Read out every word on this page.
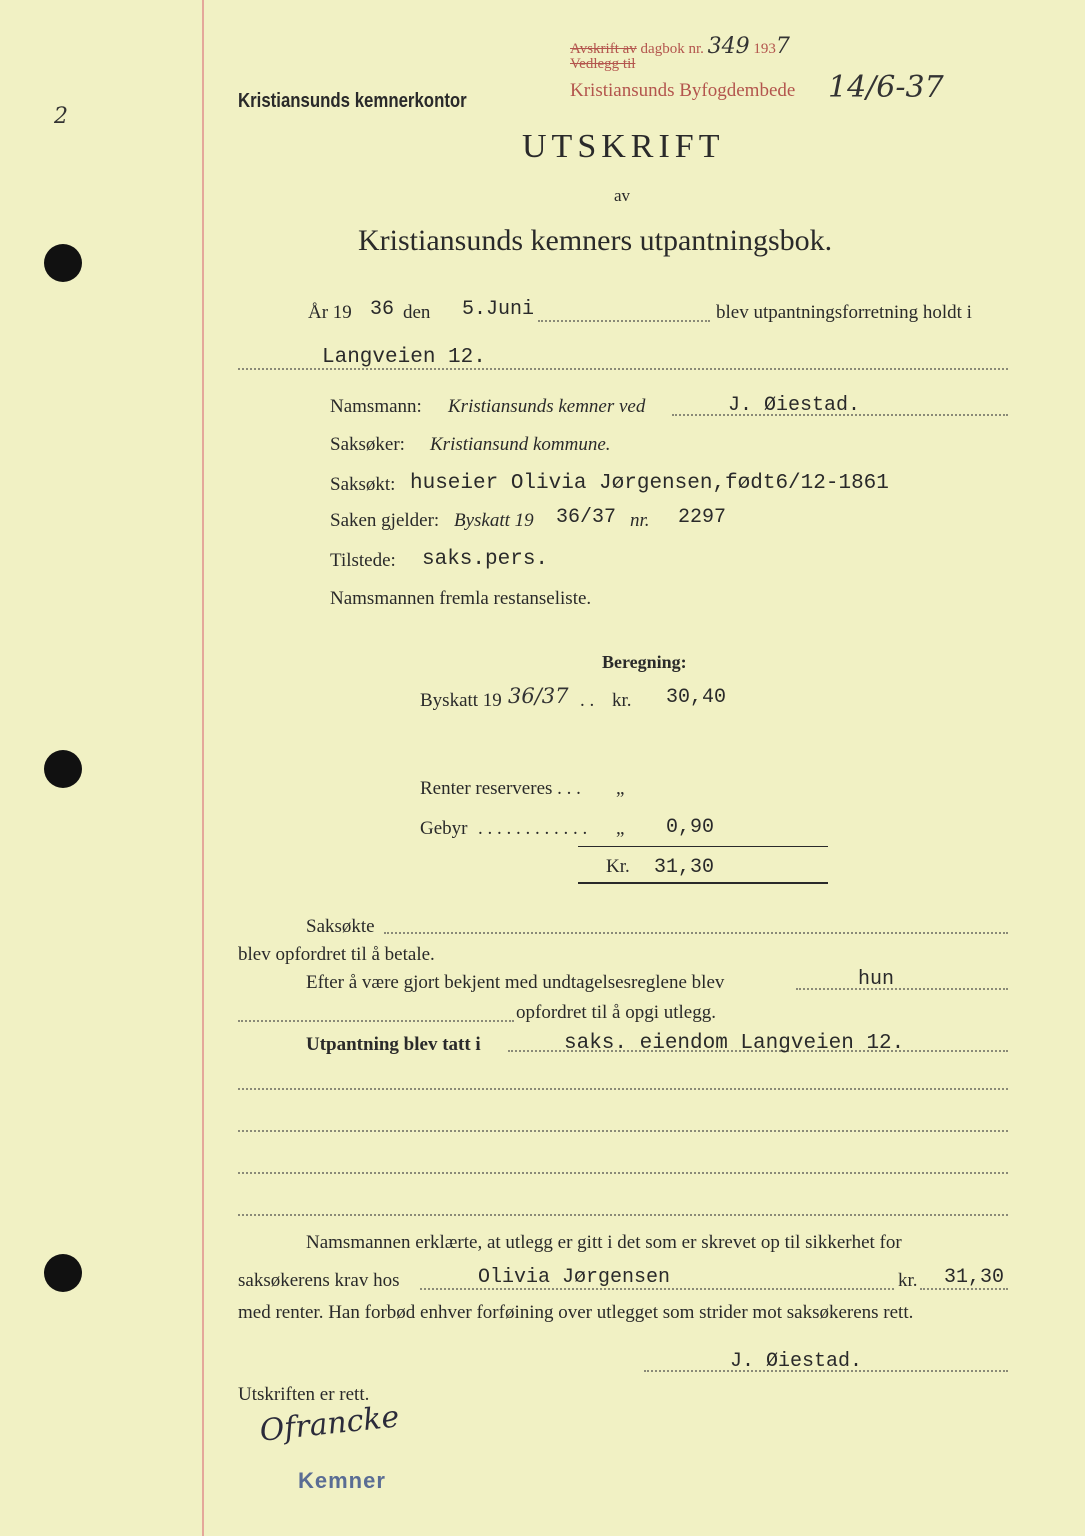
2
Kristiansunds kemnerkontor
Avskrift av dagbok nr. 349 1937
Vedlegg til
Kristiansunds Byfogdembede 14/6-37
UTSKRIFT
av
Kristiansunds kemners utpantningsbok.
År 19 36 den 5.Juni	blev utpantningsforretning holdt i
Langveien 12.
Namsmann: Kristiansunds kemner ved	J. Øiestad.
Saksøker: Kristiansund kommune.
Saksøkt: huseier Olivia Jørgensen,født6/12-1861
Saken gjelder: Byskatt 19 36/37 nr. 2297
Tilstede: saks.pers.
Namsmannen fremla restanseliste.
Beregning:
Byskatt 19 36/37 . . kr. 30,40
Renter reserveres . . . „
Gebyr . . . . . . . . . . . . „ 0,90
Kr. 31,30
Saksøkte
blev opfordret til å betale.
Efter å være gjort bekjent med undtagelsesreglene blev	hun
opfordret til å opgi utlegg.
Utpantning blev tatt i	saks. eiendom Langveien 12.
Namsmannen erklærte, at utlegg er gitt i det som er skrevet op til sikkerhet for
saksøkerens krav hos	Olivia Jørgensen	kr. 31,30
med renter. Han forbød enhver forføining over utlegget som strider mot saksøkerens rett.
J. Øiestad.
Utskriften er rett.
Ofrancke
Kemner
